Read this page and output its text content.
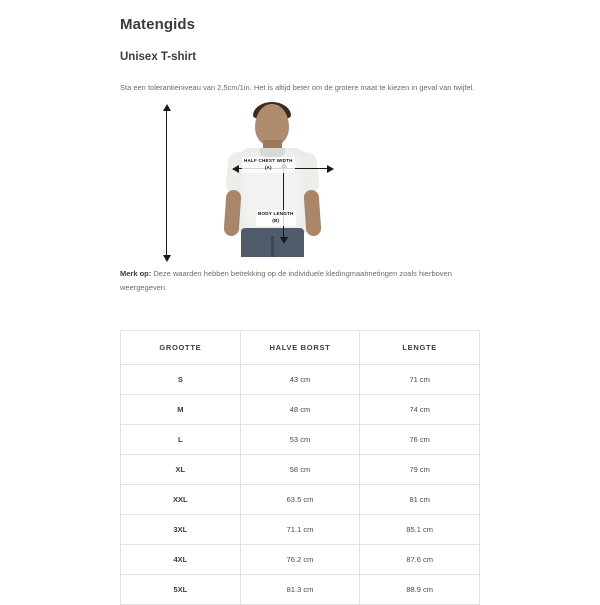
Matengids
Unisex T-shirt

Sta een tolerantieniveau van 2,5cm/1in. Het is altijd beter om de grotere maat te kiezen in geval van twijfel.

HALF CHEST WIDTH
(A)
BODY LENGTH
(B)

Merk op: Deze waarden hebben betrekking op de individuele kledingmaatmetingen zoals hierboven weergegeven.

GROOTTE	HALVE BORST	LENGTE
S	43 cm	71 cm
M	48 cm	74 cm
L	53 cm	76 cm
XL	58 cm	79 cm
XXL	63.5 cm	81 cm
3XL	71.1 cm	85.1 cm
4XL	76.2 cm	87.6 cm
5XL	81.3 cm	88.9 cm
